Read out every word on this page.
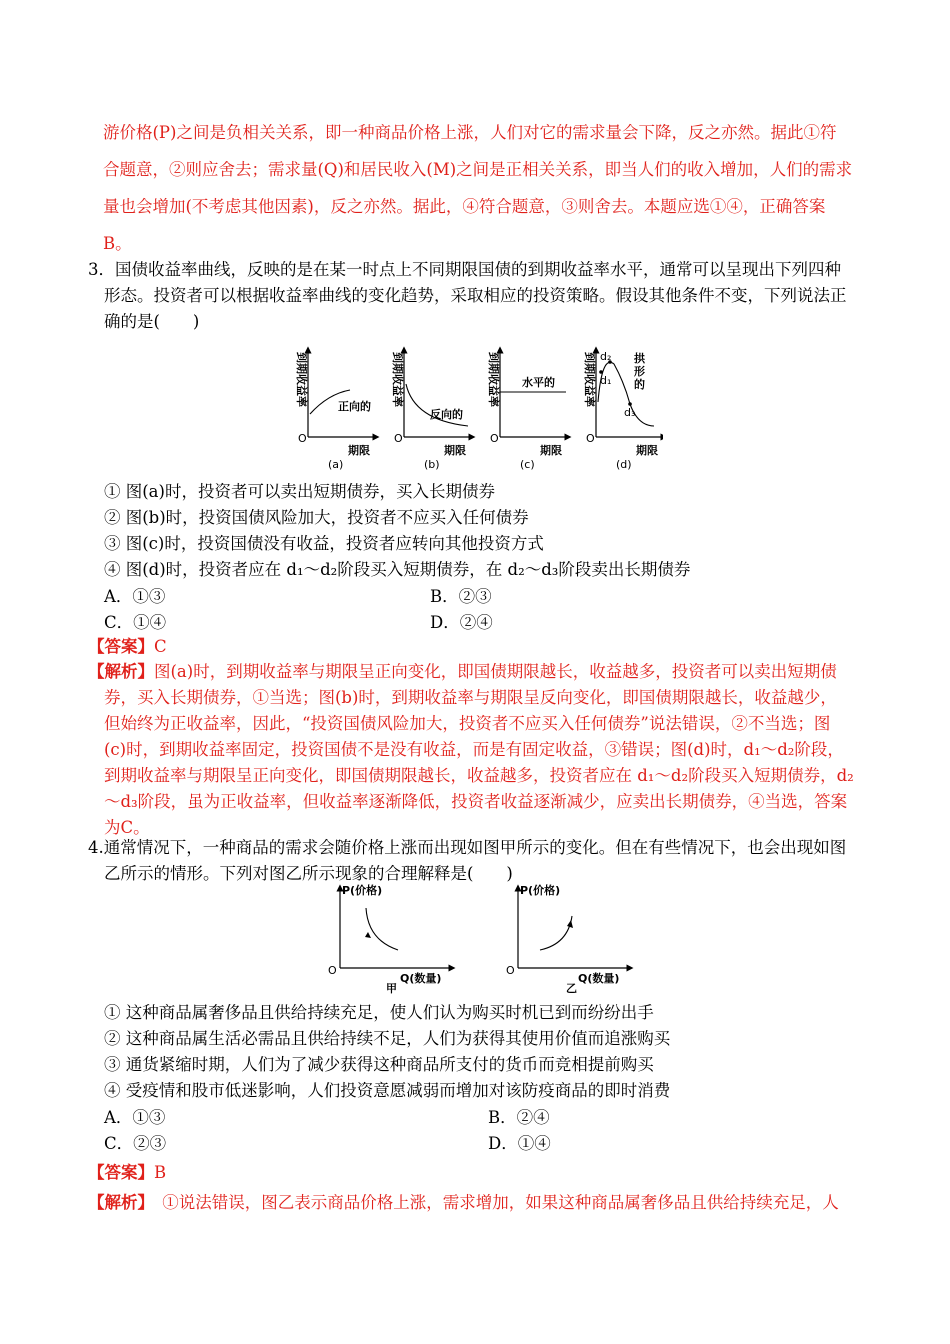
游价格(P)之间是负相关关系，即一种商品价格上涨，人们对它的需求量会下降，反之亦然。据此①符
合题意，②则应舍去；需求量(Q)和居民收入(M)之间是正相关关系，即当人们的收入增加，人们的需求
量也会增加(不考虑其他因素)，反之亦然。据此，④符合题意，③则舍去。本题应选①④，正确答案
B。
3．国债收益率曲线，反映的是在某一时点上不同期限国债的到期收益率水平，通常可以呈现出下列四种
形态。投资者可以根据收益率曲线的变化趋势，采取相应的投资策略。假设其他条件不变，下列说法正
确的是(　　)
到期收益率	正向的
O
期限
(a)
到期收益率
反向的
O
期限
(b)
到期收益率 水平的
O
期限
(c)
到期收益率 d₁
d₂
d₃
拱形的
O
期限
(d)
① 图(a)时，投资者可以卖出短期债券，买入长期债券
② 图(b)时，投资国债风险加大，投资者不应买入任何债券
③ 图(c)时，投资国债没有收益，投资者应转向其他投资方式
④ 图(d)时，投资者应在 d₁～d₂阶段买入短期债券，在 d₂～d₃阶段卖出长期债券
A．①③	B．②③
C．①④	D．②④
【答案】C
【解析】图(a)时，到期收益率与期限呈正向变化，即国债期限越长，收益越多，投资者可以卖出短期债
券，买入长期债券，①当选；图(b)时，到期收益率与期限呈反向变化，即国债期限越长，收益越少，
但始终为正收益率，因此，“投资国债风险加大，投资者不应买入任何债券”说法错误，②不当选；图
(c)时，到期收益率固定，投资国债不是没有收益，而是有固定收益，③错误；图(d)时，d₁～d₂阶段，
到期收益率与期限呈正向变化，即国债期限越长，收益越多，投资者应在 d₁～d₂阶段买入短期债券，d₂
～d₃阶段，虽为正收益率，但收益率逐渐降低，投资者收益逐渐减少，应卖出长期债券，④当选，答案
为C。
4.通常情况下，一种商品的需求会随价格上涨而出现如图甲所示的变化。但在有些情况下，也会出现如图
乙所示的情形。下列对图乙所示现象的合理解释是(　　)
P(价格)
O
Q(数量)
甲
P(价格)
O
Q(数量)
乙
① 这种商品属奢侈品且供给持续充足，使人们认为购买时机已到而纷纷出手
② 这种商品属生活必需品且供给持续不足，人们为获得其使用价值而追涨购买
③ 通货紧缩时期，人们为了减少获得这种商品所支付的货币而竞相提前购买
④ 受疫情和股市低迷影响，人们投资意愿减弱而增加对该防疫商品的即时消费
A．①③	B．②④
C．②③	D．①④
【答案】B
【解析】　①说法错误，图乙表示商品价格上涨，需求增加，如果这种商品属奢侈品且供给持续充足，人
